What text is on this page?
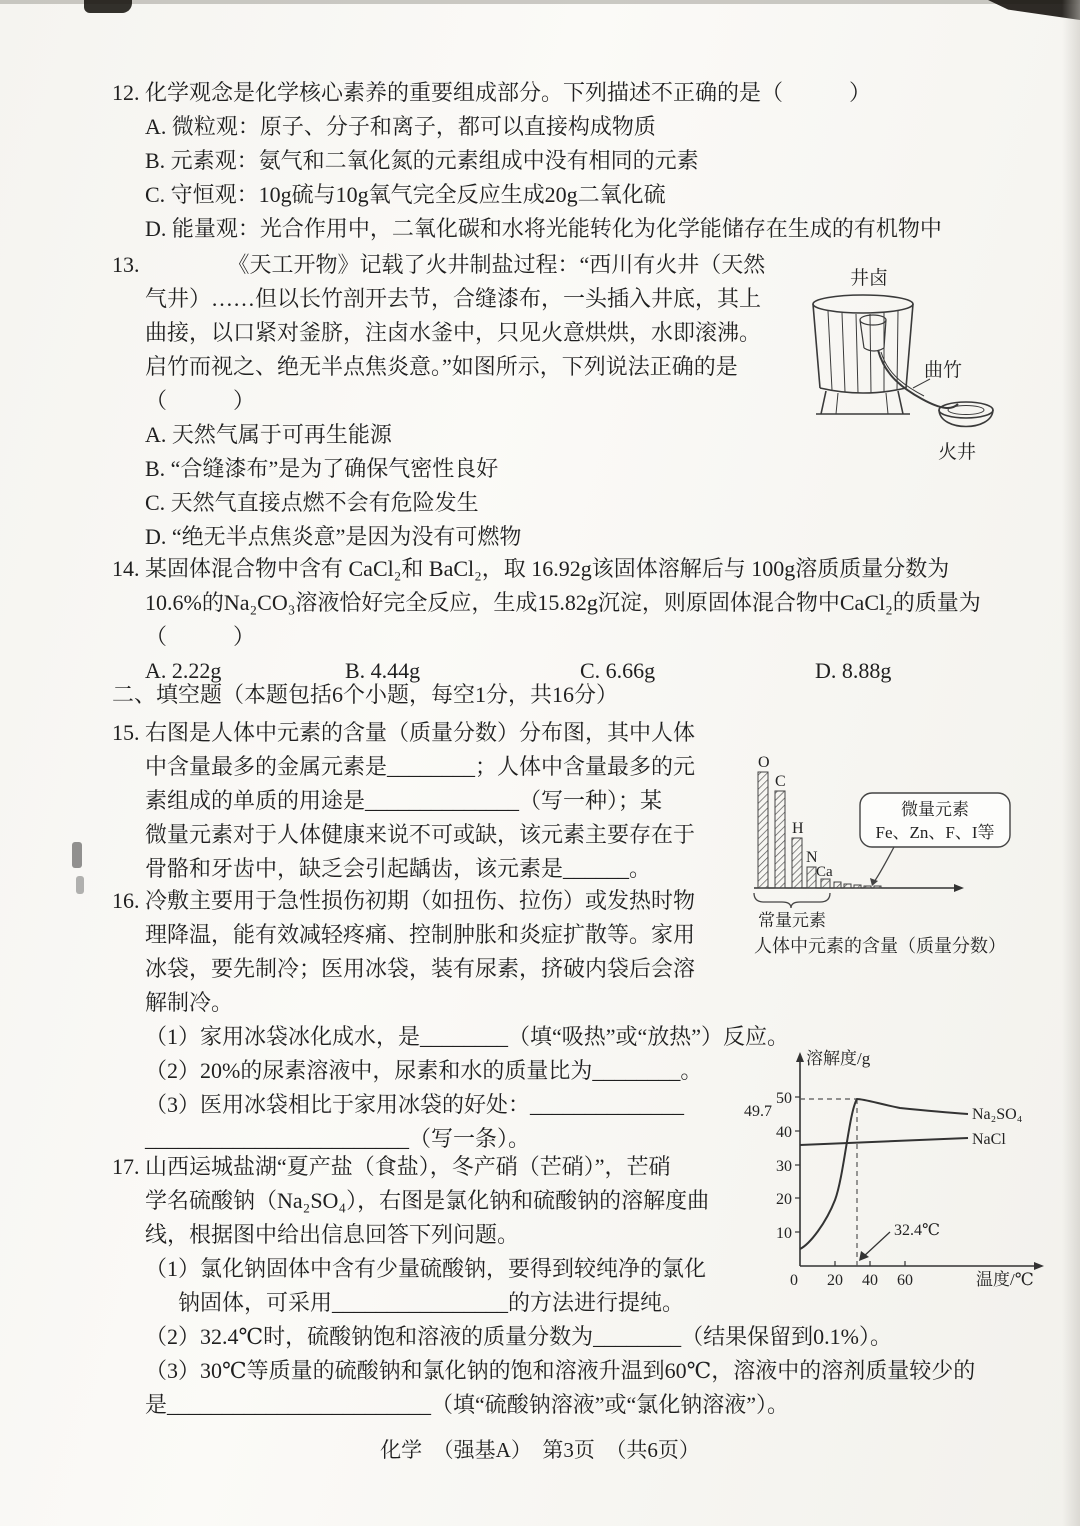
12. 化学观念是化学核心素养的重要组成部分。下列描述不正确的是（　　　）
A. 微粒观：原子、分子和离子，都可以直接构成物质
B. 元素观：氨气和二氧化氮的元素组成中没有相同的元素
C. 守恒观：10g硫与10g氧气完全反应生成20g二氧化硫
D. 能量观：光合作用中，二氧化碳和水将光能转化为化学能储存在生成的有机物中
13.	《天工开物》记载了火井制盐过程：“西川有火井（天然
气井）……但以长竹剖开去节，合缝漆布，一头插入井底，其上
曲接，以口紧对釜脐，注卤水釜中，只见火意烘烘，水即滚沸。
启竹而视之、绝无半点焦炎意。”如图所示，下列说法正确的是
（　　　）
A. 天然气属于可再生能源
B. “合缝漆布”是为了确保气密性良好
C. 天然气直接点燃不会有危险发生
D. “绝无半点焦炎意”是因为没有可燃物
井卤
曲竹
火井
14. 某固体混合物中含有 CaCl₂和 BaCl₂，取 16.92g该固体溶解后与 100g溶质质量分数为
10.6%的Na₂CO₃溶液恰好完全反应，生成15.82g沉淀，则原固体混合物中CaCl₂的质量为
（　　　）

A. 2.22g

	B. 4.44g

	C. 6.66g

	D. 8.88g

二、填空题（本题包括6个小题，每空1分，共16分）
15. 右图是人体中元素的含量（质量分数）分布图，其中人体
中含量最多的金属元素是________；人体中含量最多的元
素组成的单质的用途是______________（写一种）；某
微量元素对于人体健康来说不可或缺，该元素主要存在于
骨骼和牙齿中，缺乏会引起龋齿，该元素是______。
O
C
H
N
Ca
微量元素
Fe、Zn、F、I等
常量元素
人体中元素的含量（质量分数）
16. 冷敷主要用于急性损伤初期（如扭伤、拉伤）或发热时物
理降温，能有效减轻疼痛、控制肿胀和炎症扩散等。家用
冰袋，要先制冷；医用冰袋，装有尿素，挤破内袋后会溶
解制冷。
（1）家用冰袋冰化成水，是________（填“吸热”或“放热”）反应。
（2）20%的尿素溶液中，尿素和水的质量比为________。
（3）医用冰袋相比于家用冰袋的好处：______________
________________________（写一条）。
溶解度/g
温度/℃
10
20
30
40
50
49.7
0 20 40 60
Na₂SO₄
NaCl
32.4℃
17. 山西运城盐湖“夏产盐（食盐），冬产硝（芒硝）”，芒硝
学名硫酸钠（Na₂SO₄），右图是氯化钠和硫酸钠的溶解度曲
线，根据图中给出信息回答下列问题。
（1）氯化钠固体中含有少量硫酸钠，要得到较纯净的氯化
钠固体，可采用________________的方法进行提纯。
（2）32.4℃时，硫酸钠饱和溶液的质量分数为________（结果保留到0.1%）。
（3）30℃等质量的硫酸钠和氯化钠的饱和溶液升温到60℃，溶液中的溶剂质量较少的
是________________________（填“硫酸钠溶液”或“氯化钠溶液”）。
化学　（强基A）　第3页　（共6页）
